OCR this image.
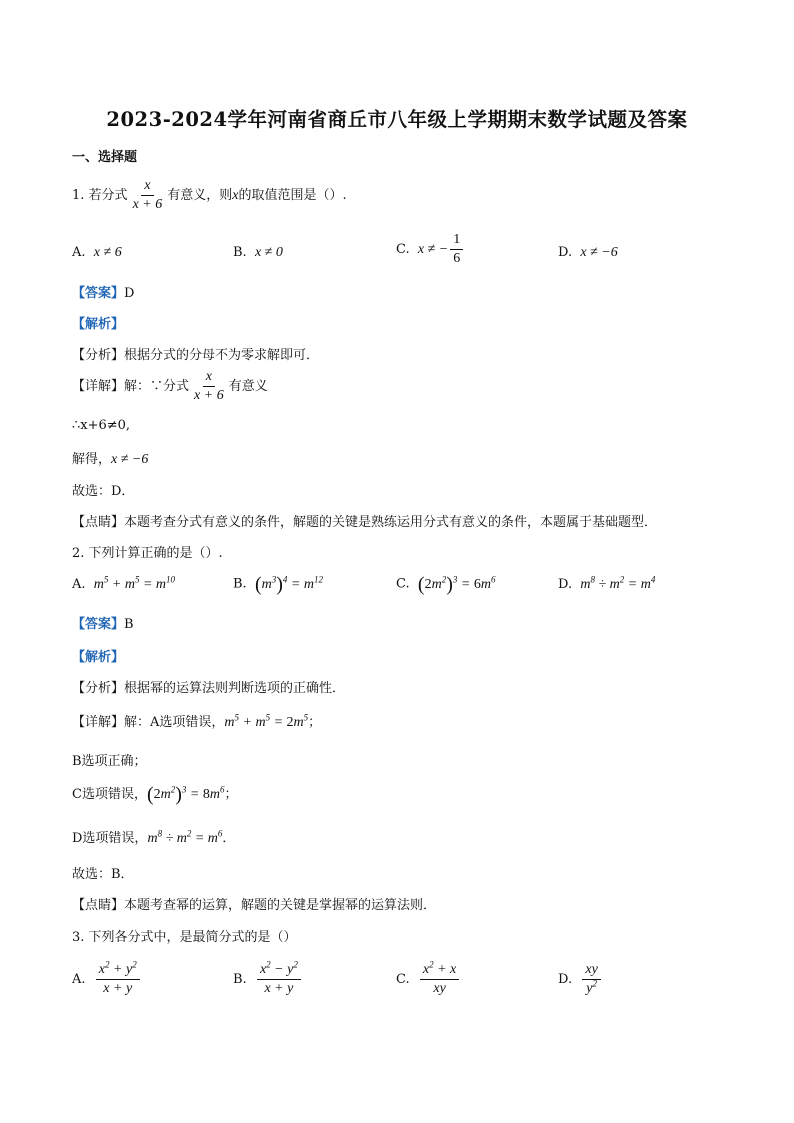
2023-2024学年河南省商丘市八年级上学期期末数学试题及答案
一、选择题
1. 若分式 $\frac{x}{x + 6}$ 有意义，则x的取值范围是（）.
A. x ≠ 6	B. x ≠ 0	C. x ≠ − $\frac{1}{6}$	D. x ≠ −6
【答案】D
【解析】
【分析】根据分式的分母不为零求解即可．
【详解】解：∵分式 $\frac{x}{x + 6}$ 有意义
∴x+6≠0,
解得，x ≠ −6
故选：D．
【点睛】本题考查分式有意义的条件，解题的关键是熟练运用分式有意义的条件，本题属于基础题型．
2. 下列计算正确的是（）.
A. $m^5 + m^5 = m^{10}$	B. $(m^3)^4 = m^{12}$	C. $(2m^2)^3 = 6m^6$	D. $m^8 \div m^2 = m^4$
【答案】B
【解析】
【分析】根据幂的运算法则判断选项的正确性．
【详解】解：A选项错误，$m^5 + m^5 = 2m^5$；
B选项正确；
C选项错误，$(2m^2)^3 = 8m^6$；
D选项错误，$m^8 \div m^2 = m^6$．
故选：B．
【点睛】本题考查幂的运算，解题的关键是掌握幂的运算法则．
3. 下列各分式中，是最简分式的是（）
A. $\frac{x^2 + y^2}{x + y}$	B. $\frac{x^2 - y^2}{x + y}$	C. $\frac{x^2 + x}{xy}$	D. $\frac{xy}{y^2}$
